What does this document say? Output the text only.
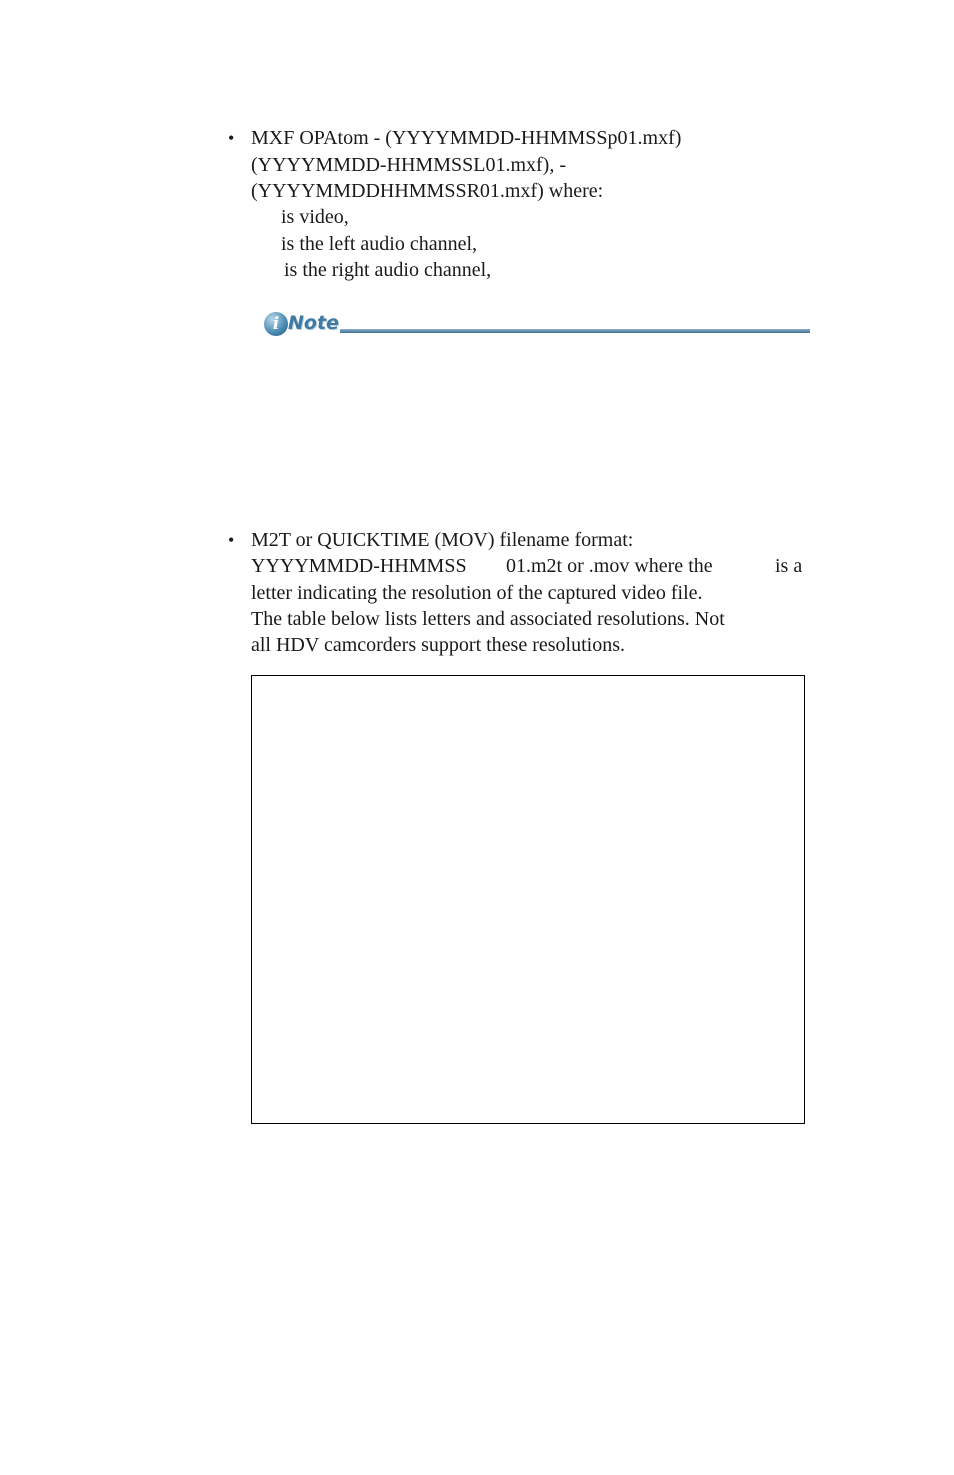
• MXF OPAtom - (YYYYMMDD-HHMMSSp01.mxf)
(YYYYMMDD-HHMMSSL01.mxf), -
(YYYYMMDDHHMMSSR01.mxf) where:
is video,
is the left audio channel,
is the right audio channel,
i Note
• M2T or QUICKTIME (MOV) filename format:
YYYYMMDD-HHMMSS 01.m2t or .mov where the	is a
letter indicating the resolution of the captured video file.
The table below lists letters and associated resolutions. Not
all HDV camcorders support these resolutions.
